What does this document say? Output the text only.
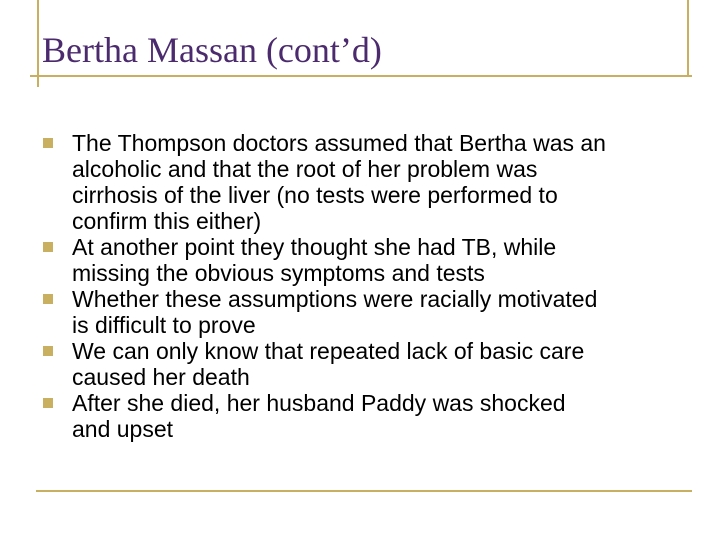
Bertha Massan (cont’d)
The Thompson doctors assumed that Bertha was an
alcoholic and that the root of her problem was
cirrhosis of the liver (no tests were performed to
confirm this either)
At another point they thought she had TB, while
missing the obvious symptoms and tests
Whether these assumptions were racially motivated
is difficult to prove
We can only know that repeated lack of basic care
caused her death
After she died, her husband Paddy was shocked
and upset
